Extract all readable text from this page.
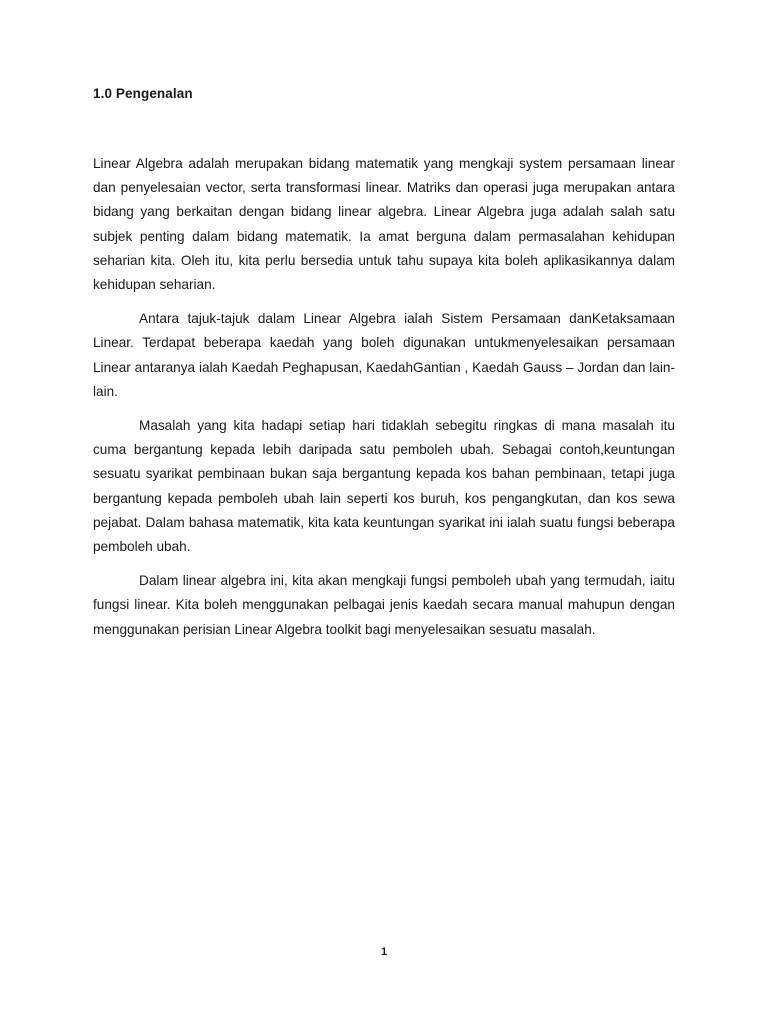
1.0 Pengenalan

Linear Algebra adalah merupakan bidang matematik yang mengkaji system persamaan linear dan penyelesaian vector, serta transformasi linear. Matriks dan operasi juga merupakan antara bidang yang berkaitan dengan bidang linear algebra. Linear Algebra juga adalah salah satu subjek penting dalam bidang matematik. Ia amat berguna dalam permasalahan kehidupan seharian kita. Oleh itu, kita perlu bersedia untuk tahu supaya kita boleh aplikasikannya dalam kehidupan seharian.

Antara tajuk-tajuk dalam Linear Algebra ialah Sistem Persamaan danKetaksamaan Linear. Terdapat beberapa kaedah yang boleh digunakan untukmenyelesaikan persamaan Linear antaranya ialah Kaedah Peghapusan, KaedahGantian , Kaedah Gauss – Jordan dan lain-lain.

Masalah yang kita hadapi setiap hari tidaklah sebegitu ringkas di mana masalah itu cuma bergantung kepada lebih daripada satu pemboleh ubah. Sebagai contoh,keuntungan sesuatu syarikat pembinaan bukan saja bergantung kepada kos bahan pembinaan, tetapi juga bergantung kepada pemboleh ubah lain seperti kos buruh, kos pengangkutan, dan kos sewa pejabat. Dalam bahasa matematik, kita kata keuntungan syarikat ini ialah suatu fungsi beberapa pemboleh ubah.

Dalam linear algebra ini, kita akan mengkaji fungsi pemboleh ubah yang termudah, iaitu fungsi linear. Kita boleh menggunakan pelbagai jenis kaedah secara manual mahupun dengan menggunakan perisian Linear Algebra toolkit bagi menyelesaikan sesuatu masalah.

1
